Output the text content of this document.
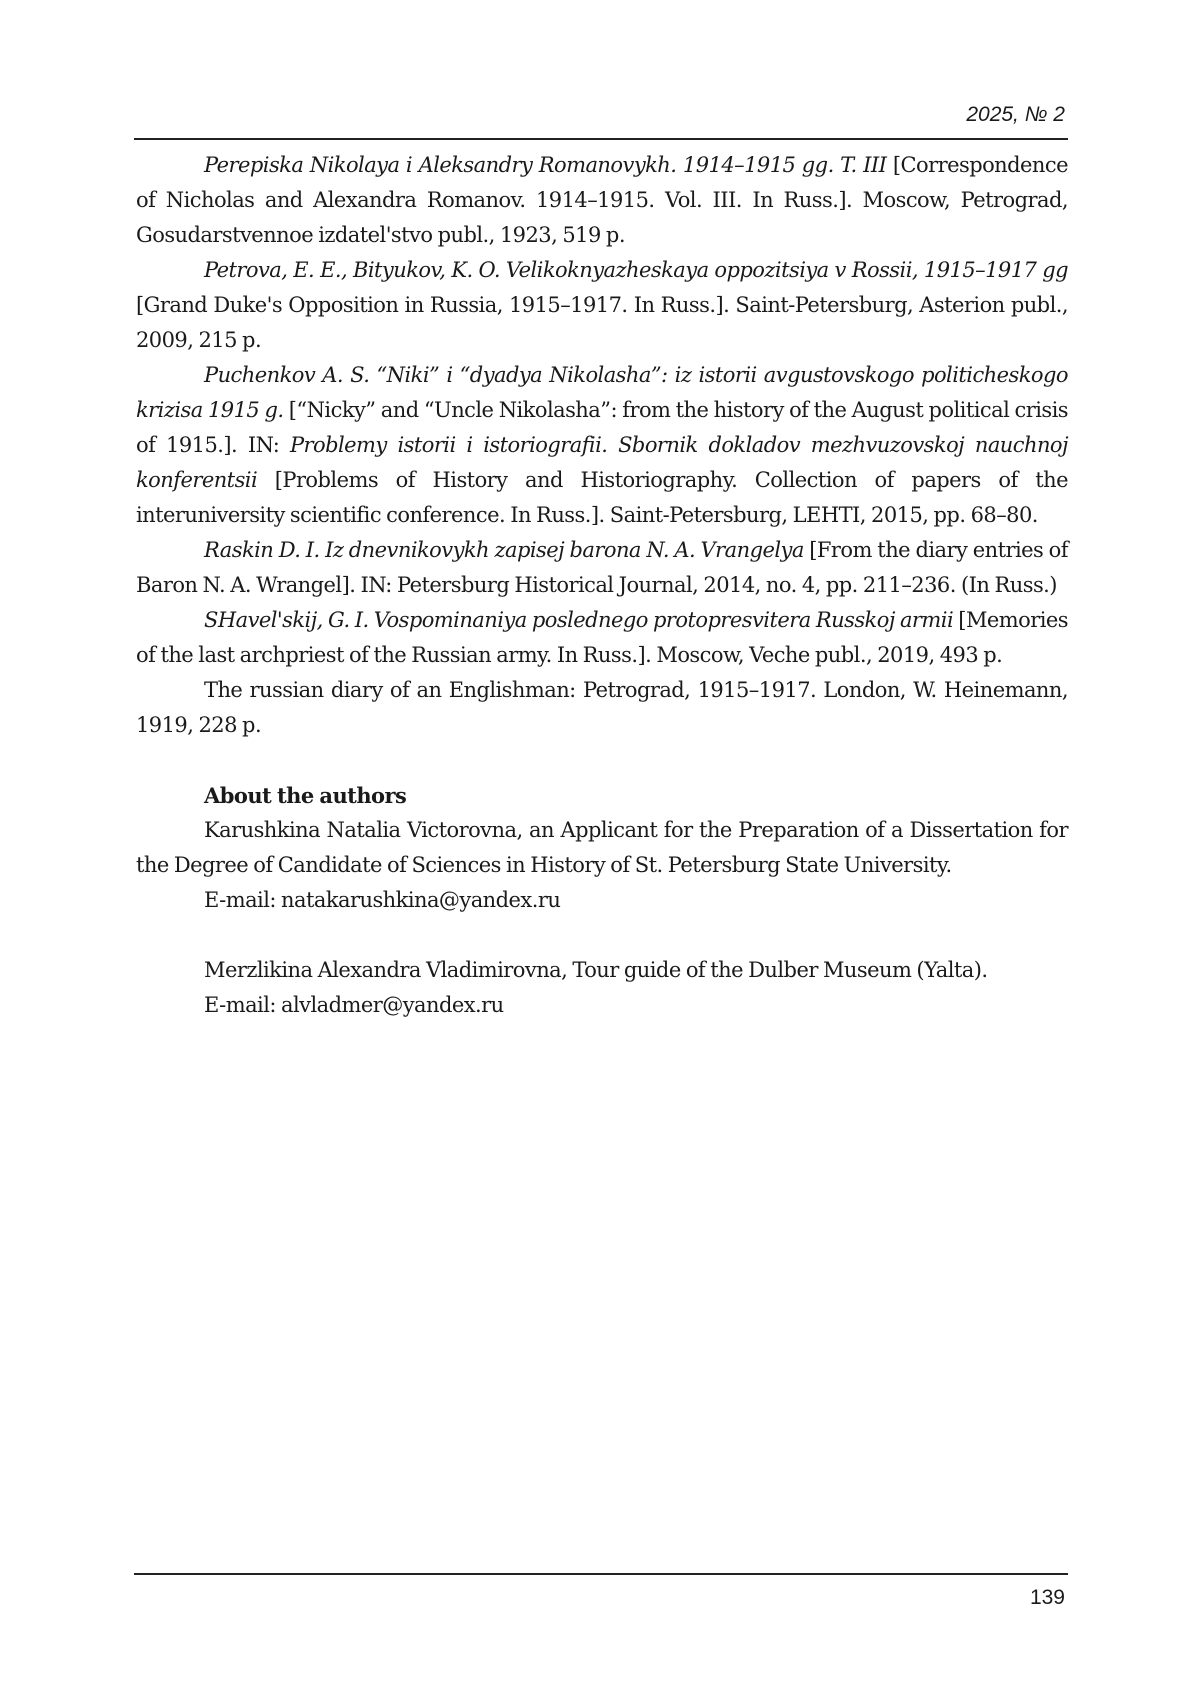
2025, № 2

Perepiska Nikolaya i Aleksandry Romanovykh. 1914–1915 gg. T. III [Correspondence of Nicholas and Alexandra Romanov. 1914–1915. Vol. III. In Russ.]. Moscow, Petrograd, Gosudarstvennoe izdatel'stvo publ., 1923, 519 p.

Petrova, E. E., Bityukov, K. O. Velikoknyazheskaya oppozitsiya v Rossii, 1915–1917 gg [Grand Duke's Opposition in Russia, 1915–1917. In Russ.]. Saint-Petersburg, Asterion publ., 2009, 215 p.

Puchenkov A. S. “Niki” i “dyadya Nikolasha”: iz istorii avgustovskogo politicheskogo krizisa 1915 g. [“Nicky” and “Uncle Nikolasha”: from the history of the August political crisis of 1915.]. IN: Problemy istorii i istoriografii. Sbornik dokladov mezhvuzovskoj nauchnoj konferentsii [Problems of History and Historiography. Collection of papers of the interuniversity scientific conference. In Russ.]. Saint-Petersburg, LEHTI, 2015, pp. 68–80.

Raskin D. I. Iz dnevnikovykh zapisej barona N. A. Vrangelya [From the diary entries of Baron N. A. Wrangel]. IN: Petersburg Historical Journal, 2014, no. 4, pp. 211–236. (In Russ.)

SHavel'skij, G. I. Vospominaniya poslednego protopresvitera Russkoj armii [Memories of the last archpriest of the Russian army. In Russ.]. Moscow, Veche publ., 2019, 493 p.

The russian diary of an Englishman: Petrograd, 1915–1917. London, W. Heinemann, 1919, 228 p.

About the authors

Karushkina Natalia Victorovna, an Applicant for the Preparation of a Dissertation for the Degree of Candidate of Sciences in History of St. Petersburg State University.

E-mail: natakarushkina@yandex.ru

Merzlikina Alexandra Vladimirovna, Tour guide of the Dulber Museum (Yalta).

E-mail: alvladmer@yandex.ru

139
